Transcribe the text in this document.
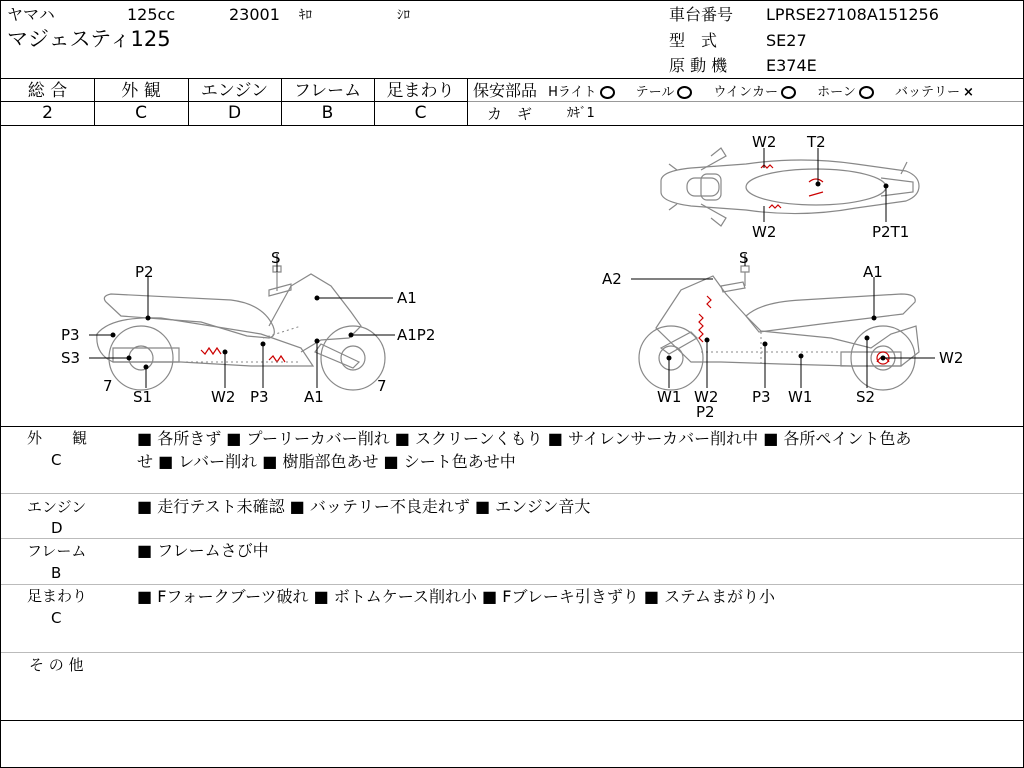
ヤマハ	125cc	23001 ｷﾛ	ｼﾛ
マジェスティ125
車台番号 LPRSE27108A151256
型　式	SE27
原 動 機 E374E
総 合	外 観	エンジン	フレーム	足まわり
2	C	D	B	C
保安部品 Hライト	テール	ウインカー	ホーン	バッテリー ×
カ　ギ	ｶｷﾞ1
P2
S
A1
P3	A1P2
S3
7
S1	W2 P3 A1
7
A2
S
A1
W2
W1 W2
P2
P3 W1	S2
W2 T2
W2	P2T1
外　　観
C
■ 各所きず ■ プーリーカバー削れ ■ スクリーンくもり ■ サイレンサーカバー削れ中 ■ 各所ペイント色あ
せ ■ レバー削れ ■ 樹脂部色あせ ■ シート色あせ中
エンジン
D
■ 走行テスト未確認 ■ バッテリー不良走れず ■ エンジン音大
フレーム
B
■ フレームさび中
足まわり
C
■ Fフォークブーツ破れ ■ ボトムケース削れ小 ■ Fブレーキ引きずり ■ ステムまがり小
そ の 他
